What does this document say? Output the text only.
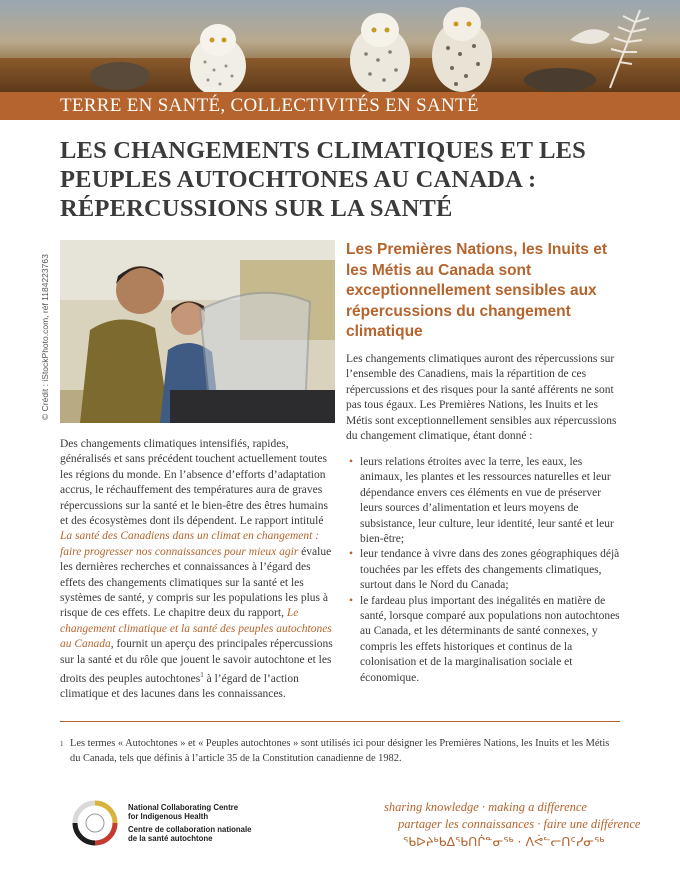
TERRE EN SANTÉ, COLLECTIVITÉS EN SANTÉ
LES CHANGEMENTS CLIMATIQUES ET LES
PEUPLES AUTOCHTONES AU CANADA :
RÉPERCUSSIONS SUR LA SANTÉ
© Crédit : iStockPhoto.com, réf 1184223763

Des changements climatiques intensifiés, rapides, généralisés et sans précédent touchent actuellement toutes les régions du monde. En l’absence d’efforts d’adaptation accrus, le réchauffement des températures aura de graves répercussions sur la santé et le bien-être des êtres humains et des écosystèmes dont ils dépendent. Le rapport intitulé La santé des Canadiens dans un climat en changement : faire progresser nos connaissances pour mieux agir évalue les dernières recherches et connaissances à l’égard des effets des changements climatiques sur la santé et les systèmes de santé, y compris sur les populations les plus à risque de ces effets. Le chapitre deux du rapport, Le changement climatique et la santé des peuples autochtones au Canada, fournit un aperçu des principales répercussions sur la santé et du rôle que jouent le savoir autochtone et les droits des peuples autochtones$^1$ à l’égard de l’action climatique et des lacunes dans les connaissances.

Les Premières Nations, les Inuits et les Métis au Canada sont exceptionnellement sensibles aux répercussions du changement climatique

Les changements climatiques auront des répercussions sur l’ensemble des Canadiens, mais la répartition de ces répercussions et des risques pour la santé afférents ne sont pas tous égaux. Les Premières Nations, les Inuits et les Métis sont exceptionnellement sensibles aux répercussions du changement climatique, étant donné :

• leurs relations étroites avec la terre, les eaux, les animaux, les plantes et les ressources naturelles et leur dépendance envers ces éléments en vue de préserver leurs sources d’alimentation et leurs moyens de subsistance, leur culture, leur identité, leur santé et leur bien-être;
• leur tendance à vivre dans des zones géographiques déjà touchées par les effets des changements climatiques, surtout dans le Nord du Canada;
• le fardeau plus important des inégalités en matière de santé, lorsque comparé aux populations non autochtones au Canada, et les déterminants de santé connexes, y compris les effets historiques et continus de la colonisation et de la marginalisation sociale et économique.
1 Les termes « Autochtones » et « Peuples autochtones » sont utilisés ici pour désigner les Premières Nations, les Inuits et les Métis
du Canada, tels que définis à l’article 35 de la Constitution canadienne de 1982.
National Collaborating Centre
for Indigenous Health
Centre de collaboration nationale
de la santé autochtone
sharing knowledge · making a difference
partager les connaissances · faire une différence
ᖃᐅᔨᒃᑲᐃᖃᑎᒌᓐᓂᖅ · ᐱᕚᓪᓕᑎᑦᓯᓂᖅ
